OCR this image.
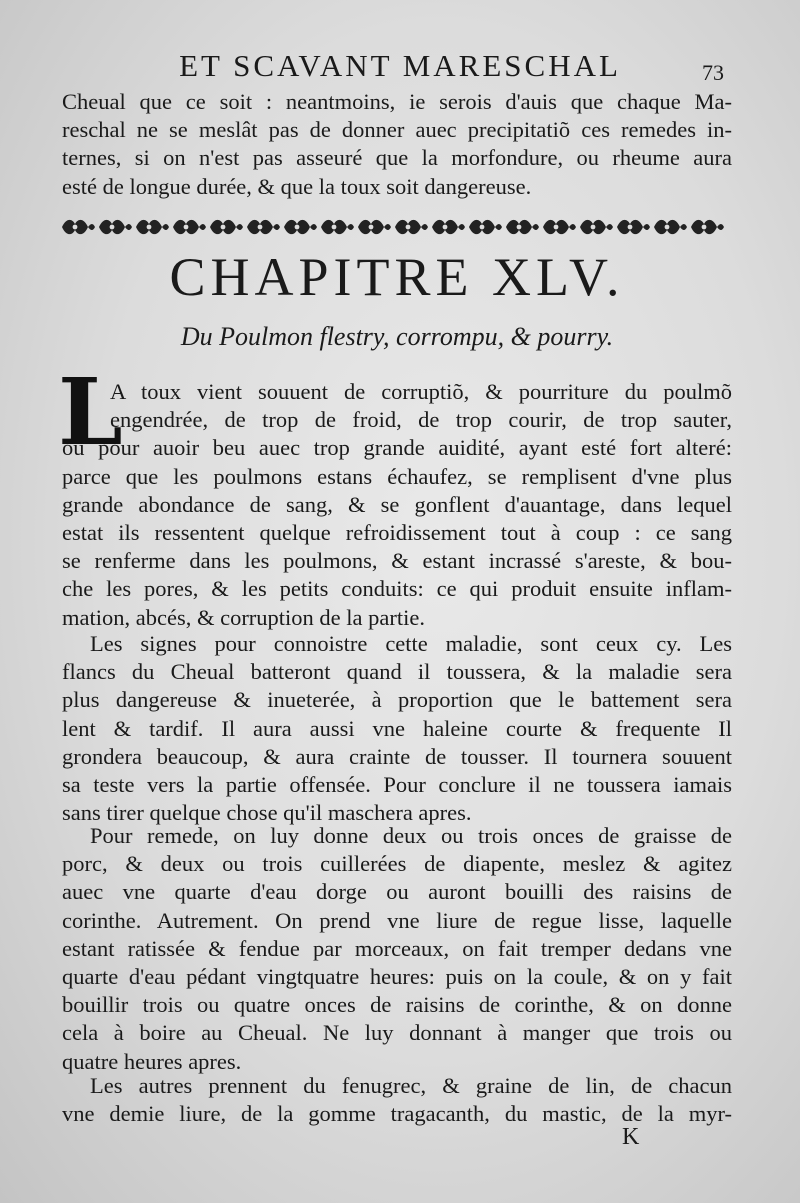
ET SCAVANT MARESCHAL	73
Cheual que ce soit : neantmoins, ie serois d'auis que chaque Ma-
reschal ne se meslât pas de donner auec precipitatiõ ces remedes in-
ternes, si on n'est pas asseuré que la morfondure, ou rheume aura
esté de longue durée, & que la toux soit dangereuse.
CHAPITRE XLV.
Du Poulmon flestry, corrompu, & pourry.
L
A toux vient souuent de corruptiõ, & pourriture du poulmõ
engendrée, de trop de froid, de trop courir, de trop sauter,
ou pour auoir beu auec trop grande auidité, ayant esté fort alteré:
parce que les poulmons estans échaufez, se remplisent d'vne plus
grande abondance de sang, & se gonflent d'auantage, dans lequel
estat ils ressentent quelque refroidissement tout à coup : ce sang
se renferme dans les poulmons, & estant incrassé s'areste, & bou-
che les pores, & les petits conduits: ce qui produit ensuite inflam-
mation, abcés, & corruption de la partie.
Les signes pour connoistre cette maladie, sont ceux cy. Les
flancs du Cheual batteront quand il toussera, & la maladie sera
plus dangereuse & inueterée, à proportion que le battement sera
lent & tardif. Il aura aussi vne haleine courte & frequente Il
grondera beaucoup, & aura crainte de tousser. Il tournera souuent
sa teste vers la partie offensée. Pour conclure il ne toussera iamais
sans tirer quelque chose qu'il maschera apres.
Pour remede, on luy donne deux ou trois onces de graisse de
porc, & deux ou trois cuillerées de diapente, meslez & agitez
auec vne quarte d'eau dorge ou auront bouilli des raisins de
corinthe. Autrement. On prend vne liure de regue lisse, laquelle
estant ratissée & fendue par morceaux, on fait tremper dedans vne
quarte d'eau pédant vingtquatre heures: puis on la coule, & on y fait
bouillir trois ou quatre onces de raisins de corinthe, & on donne
cela à boire au Cheual. Ne luy donnant à manger que trois ou
quatre heures apres.
Les autres prennent du fenugrec, & graine de lin, de chacun
vne demie liure, de la gomme tragacanth, du mastic, de la myr-
K
